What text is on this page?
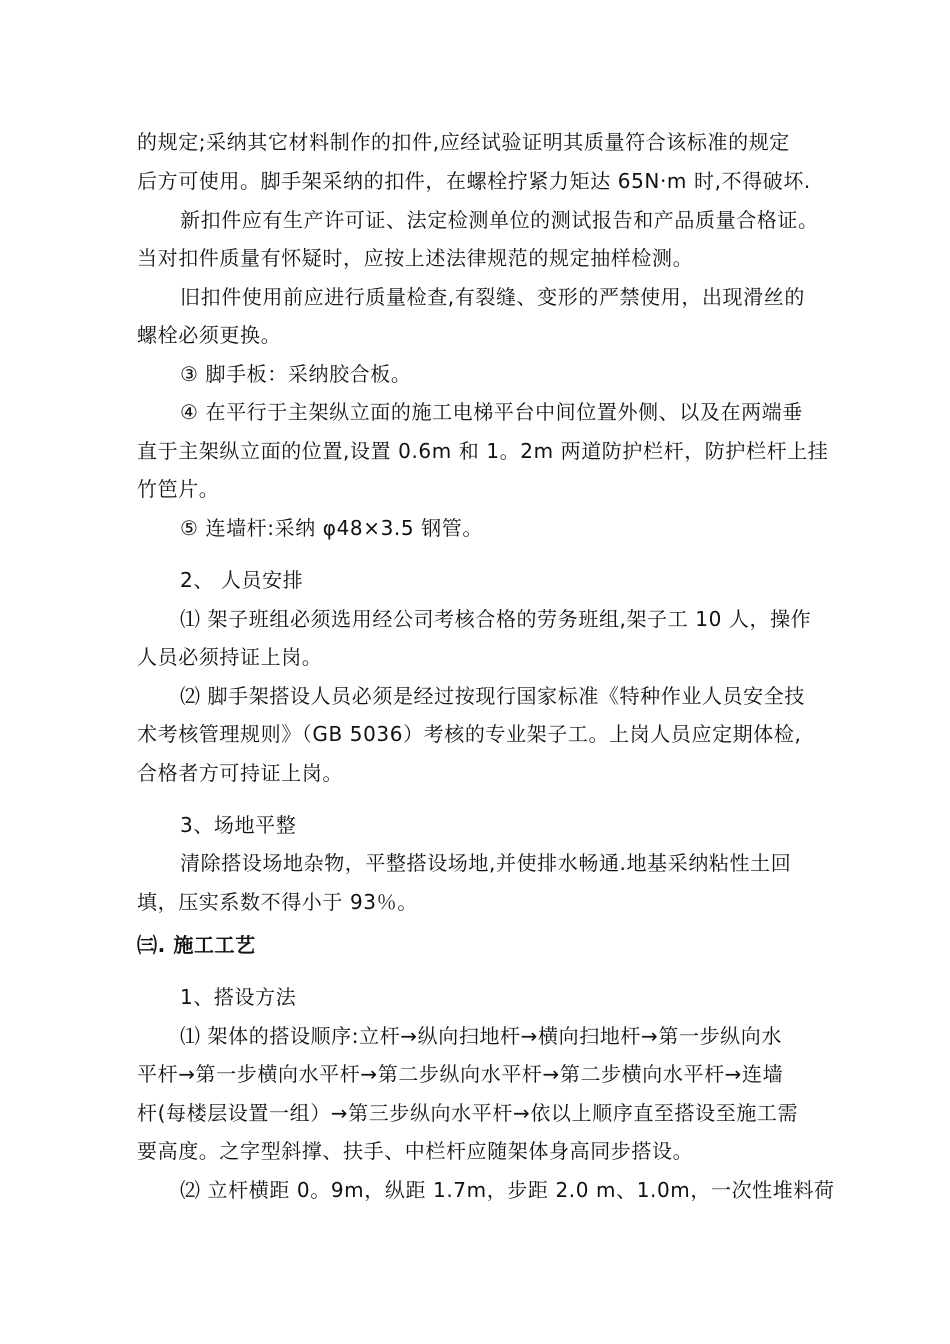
的规定;采纳其它材料制作的扣件,应经试验证明其质量符合该标准的规定
后方可使用。脚手架采纳的扣件，在螺栓拧紧力矩达 65N·m 时,不得破坏.
新扣件应有生产许可证、法定检测单位的测试报告和产品质量合格证。
当对扣件质量有怀疑时，应按上述法律规范的规定抽样检测。
旧扣件使用前应进行质量检查,有裂缝、变形的严禁使用，出现滑丝的
螺栓必须更换。
③ 脚手板：采纳胶合板。
④ 在平行于主架纵立面的施工电梯平台中间位置外侧、以及在两端垂
直于主架纵立面的位置,设置 0.6m 和 1。2m 两道防护栏杆，防护栏杆上挂
竹笆片。
⑤ 连墙杆:采纳 φ48×3.5 钢管。
2、 人员安排
⑴ 架子班组必须选用经公司考核合格的劳务班组,架子工 10 人，操作
人员必须持证上岗。
⑵ 脚手架搭设人员必须是经过按现行国家标准《特种作业人员安全技
术考核管理规则》（GB 5036）考核的专业架子工。上岗人员应定期体检,
合格者方可持证上岗。
3、场地平整
清除搭设场地杂物，平整搭设场地,并使排水畅通.地基采纳粘性土回
填，压实系数不得小于 93％。
㈢. 施工工艺
1、搭设方法
⑴ 架体的搭设顺序:立杆→纵向扫地杆→横向扫地杆→第一步纵向水
平杆→第一步横向水平杆→第二步纵向水平杆→第二步横向水平杆→连墙
杆(每楼层设置一组）→第三步纵向水平杆→依以上顺序直至搭设至施工需
要高度。之字型斜撑、扶手、中栏杆应随架体身高同步搭设。
⑵ 立杆横距 0。9m，纵距 1.7m，步距 2.0 m、1.0m，一次性堆料荷
